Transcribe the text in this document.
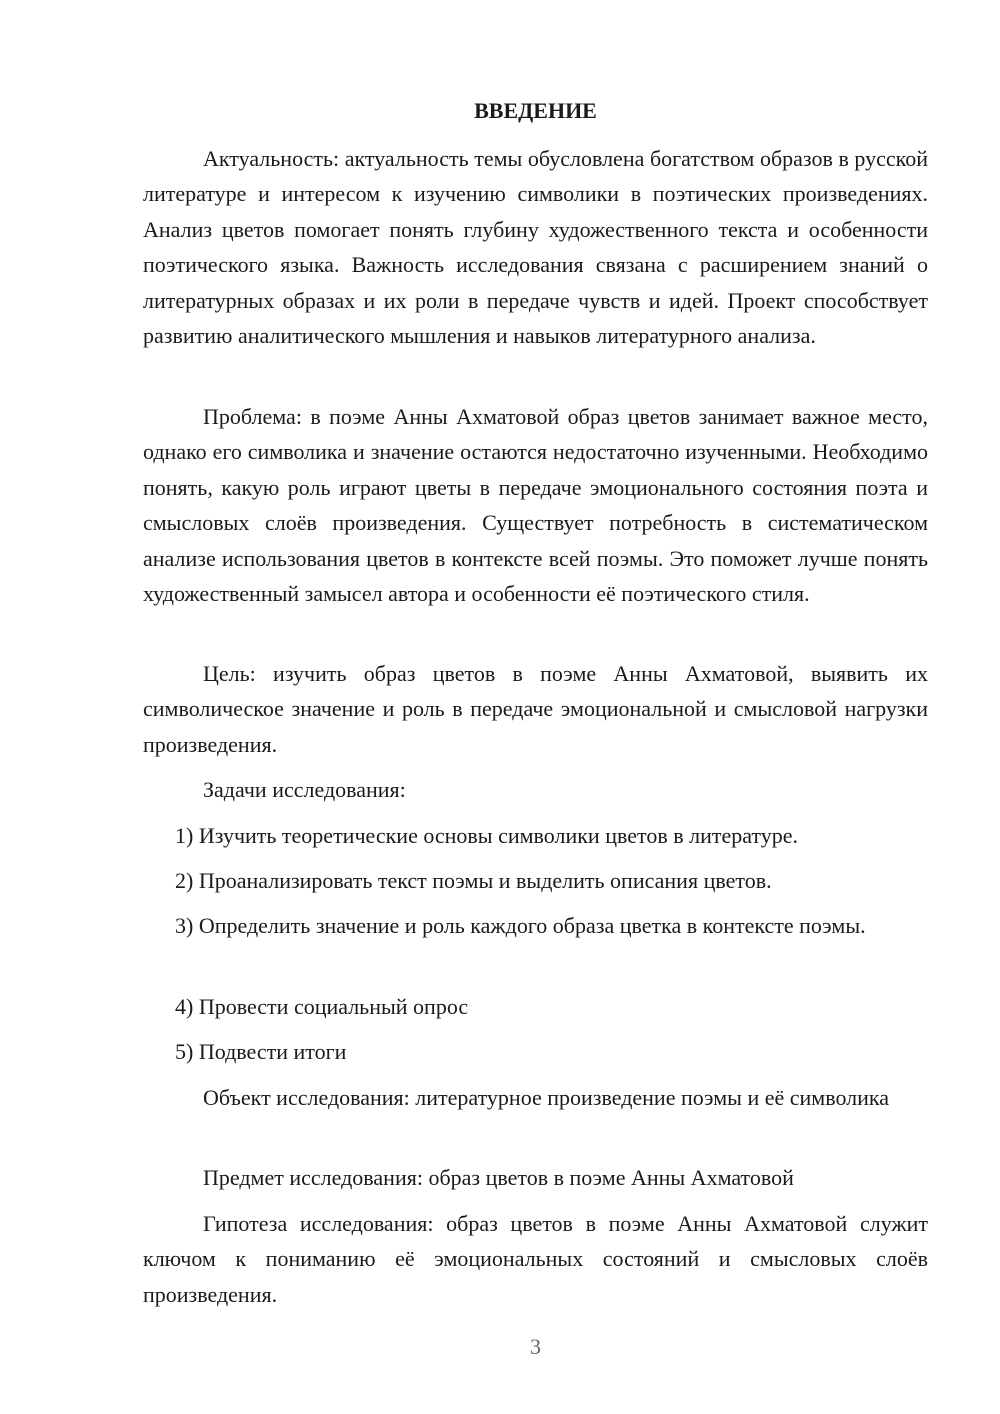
ВВЕДЕНИЕ

Актуальность: актуальность темы обусловлена богатством образов в русской литературе и интересом к изучению символики в поэтических произведениях. Анализ цветов помогает понять глубину художественного текста и особенности поэтического языка. Важность исследования связана с расширением знаний о литературных образах и их роли в передаче чувств и идей. Проект способствует развитию аналитического мышления и навыков литературного анализа.

Проблема: в поэме Анны Ахматовой образ цветов занимает важное место, однако его символика и значение остаются недостаточно изученными. Необходимо понять, какую роль играют цветы в передаче эмоционального состояния поэта и смысловых слоёв произведения. Существует потребность в систематическом анализе использования цветов в контексте всей поэмы. Это поможет лучше понять художественный замысел автора и особенности её поэтического стиля.

Цель: изучить образ цветов в поэме Анны Ахматовой, выявить их символическое значение и роль в передаче эмоциональной и смысловой нагрузки произведения.

Задачи исследования:

1) Изучить теоретические основы символики цветов в литературе.

2) Проанализировать текст поэмы и выделить описания цветов.

3) Определить значение и роль каждого образа цветка в контексте поэмы.

4) Провести социальный опрос

5) Подвести итоги

Объект исследования: литературное произведение поэмы и её символика

Предмет исследования: образ цветов в поэме Анны Ахматовой

Гипотеза исследования: образ цветов в поэме Анны Ахматовой служит ключом к пониманию её эмоциональных состояний и смысловых слоёв произведения.

3
